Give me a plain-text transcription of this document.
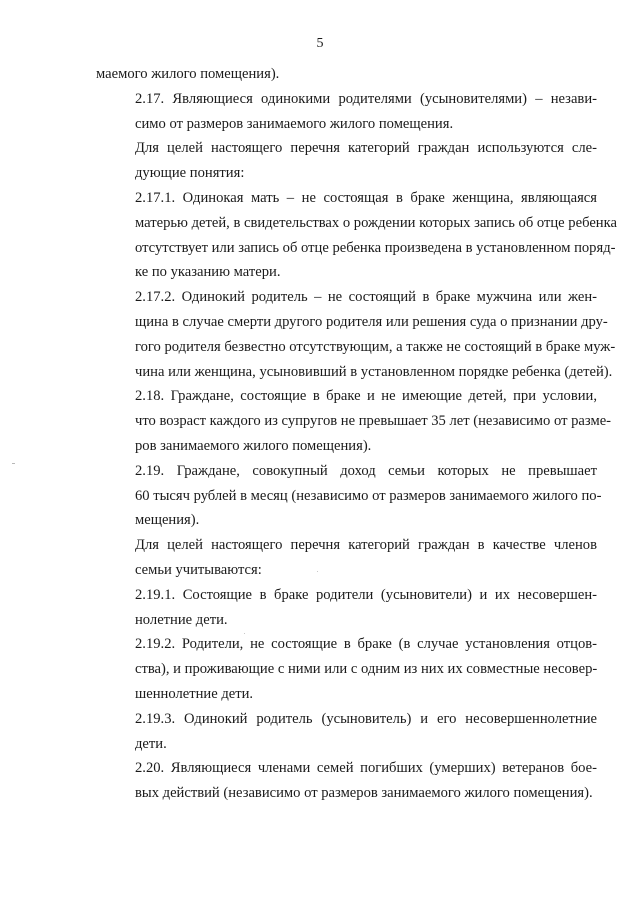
5

маемого жилого помещения).

2.17. Являющиеся одинокими родителями (усыновителями) – незави-
симо от размеров занимаемого жилого помещения.

Для целей настоящего перечня категорий граждан используются сле-
дующие понятия:

2.17.1. Одинокая мать – не состоящая в браке женщина, являющаяся
матерью детей, в свидетельствах о рождении которых запись об отце ребенка
отсутствует или запись об отце ребенка произведена в установленном поряд-
ке по указанию матери.

2.17.2. Одинокий родитель – не состоящий в браке мужчина или жен-
щина в случае смерти другого родителя или решения суда о признании дру-
гого родителя безвестно отсутствующим, а также не состоящий в браке муж-
чина или женщина, усыновивший в установленном порядке ребенка (детей).

2.18. Граждане, состоящие в браке и не имеющие детей, при условии,
что возраст каждого из супругов не превышает 35 лет (независимо от разме-
ров занимаемого жилого помещения).

2.19. Граждане, совокупный доход семьи которых не превышает
60 тысяч рублей в месяц (независимо от размеров занимаемого жилого по-
мещения).

Для целей настоящего перечня категорий граждан в качестве членов
семьи учитываются:

2.19.1. Состоящие в браке родители (усыновители) и их несовершен-
нолетние дети.

2.19.2. Родители, не состоящие в браке (в случае установления отцов-
ства), и проживающие с ними или с одним из них их совместные несовер-
шеннолетние дети.

2.19.3. Одинокий родитель (усыновитель) и его несовершеннолетние
дети.

2.20. Являющиеся членами семей погибших (умерших) ветеранов бое-
вых действий (независимо от размеров занимаемого жилого помещения).
